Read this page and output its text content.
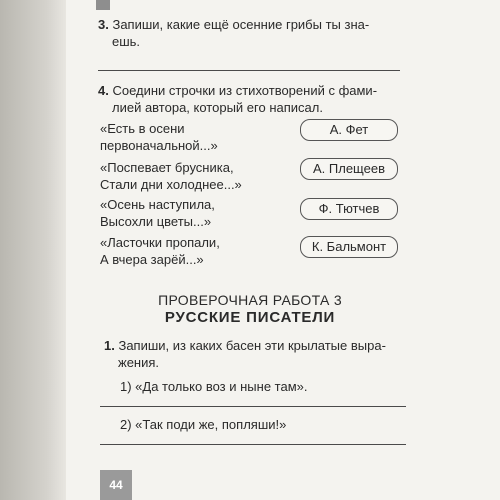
3. Запиши, какие ещё осенние грибы ты зна-
ешь.
4. Соедини строчки из стихотворений с фами-
лией автора, который его написал.
«Есть в осени
первоначальной...»
«Поспевает брусника,
Стали дни холоднее...»
«Осень наступила,
Высохли цветы...»
«Ласточки пропали,
А вчера зарёй...»
А. Фет
А. Плещеев
Ф. Тютчев
К. Бальмонт
ПРОВЕРОЧНАЯ РАБОТА 3
РУССКИЕ ПИСАТЕЛИ
1. Запиши, из каких басен эти крылатые выра-
жения.
1) «Да только воз и ныне там».
2) «Так поди же, попляши!»
44
